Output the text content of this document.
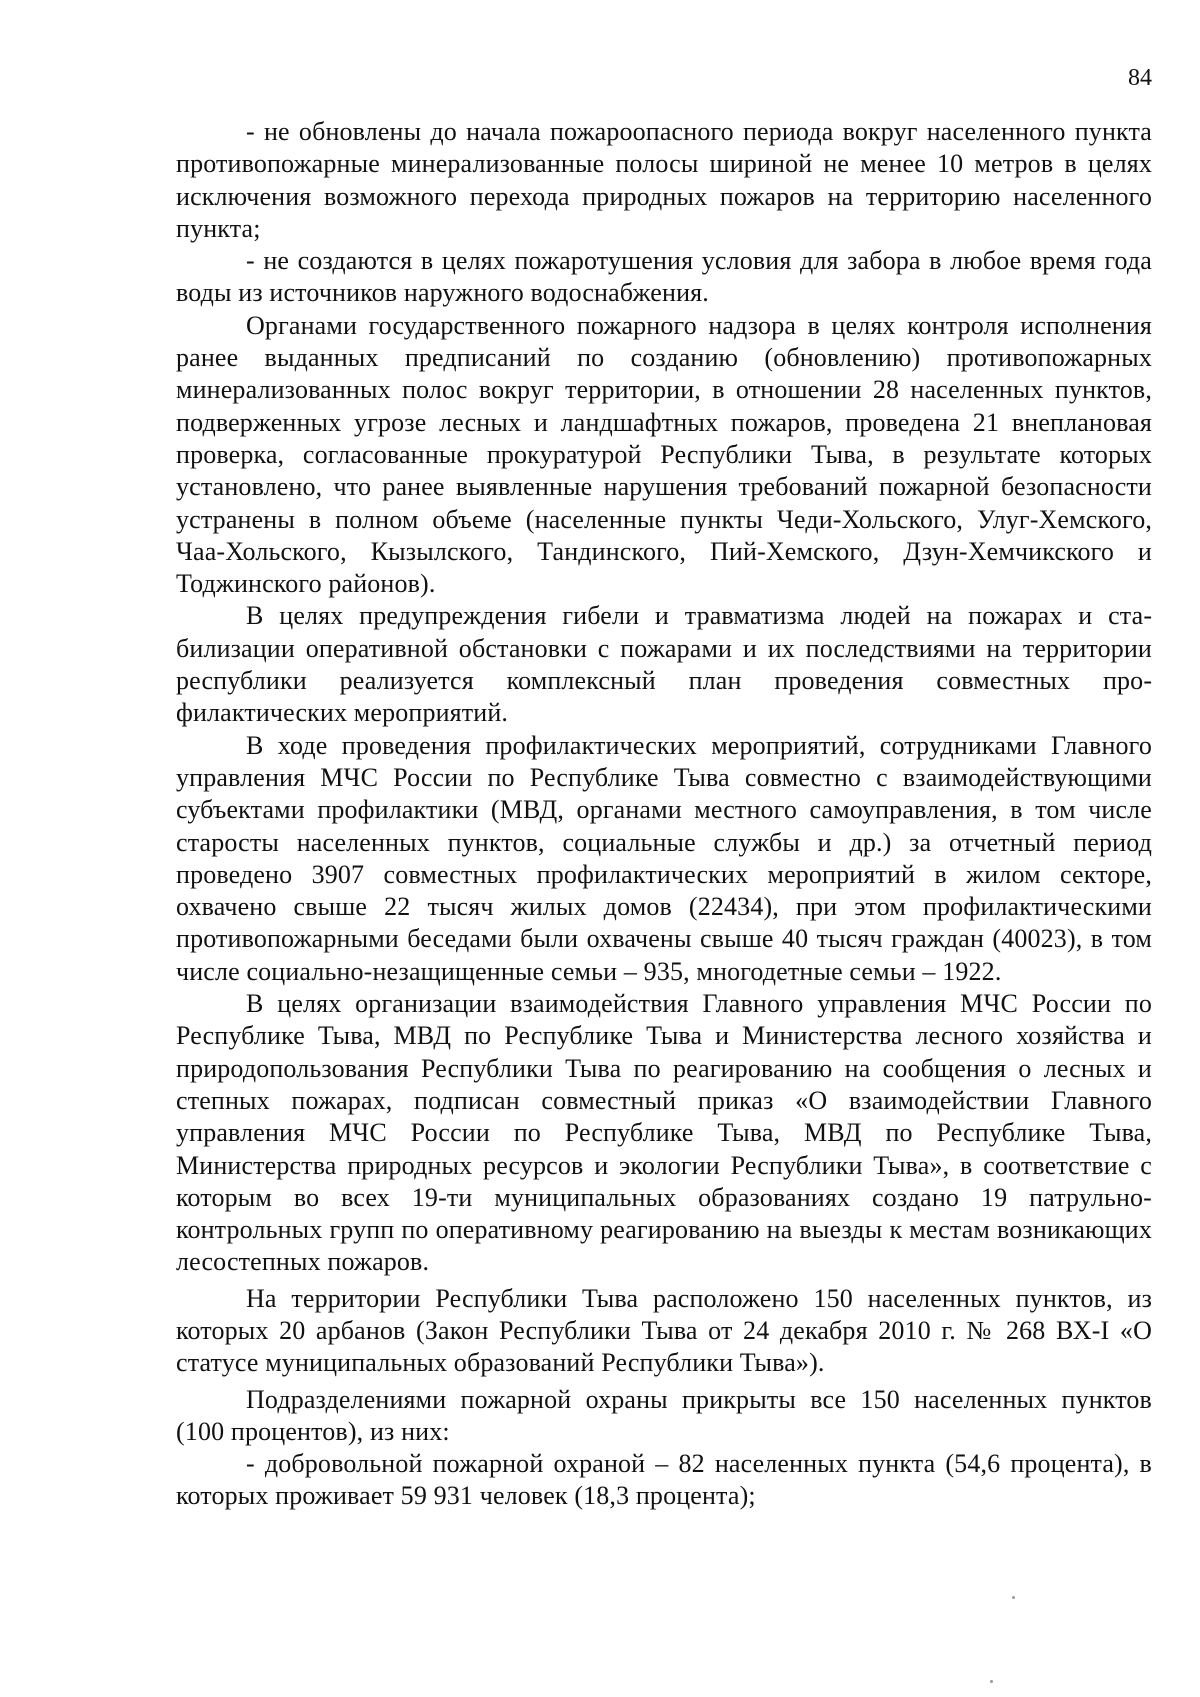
84

- не обновлены до начала пожароопасного периода вокруг населенного пункта противопожарные минерализованные полосы шириной не менее 10 метров в целях исключения возможного перехода природных пожаров на территорию населенного пункта;

- не создаются в целях пожаротушения условия для забора в любое время года воды из источников наружного водоснабжения.

Органами государственного пожарного надзора в целях контроля исполнения ранее выданных предписаний по созданию (обновлению) противопожарных минерализованных полос вокруг территории, в отношении 28 населенных пунктов, подверженных угрозе лесных и ландшафтных пожаров, проведена 21 внеплановая проверка, согласованные прокуратурой Республики Тыва, в результате которых установлено, что ранее выявленные нарушения требований пожарной безопасности устранены в полном объеме (населенные пункты Чеди-Хольского, Улуг-Хемского, Чаа-Хольского, Кызылского, Тандинского, Пий-Хемского, Дзун-Хемчикского и Тоджинского районов).

В целях предупреждения гибели и травматизма людей на пожарах и стабилизации оперативной обстановки с пожарами и их последствиями на территории республики реализуется комплексный план проведения совместных профилактических мероприятий.

В ходе проведения профилактических мероприятий, сотрудниками Главного управления МЧС России по Республике Тыва совместно с взаимодействующими субъектами профилактики (МВД, органами местного самоуправления, в том числе старосты населенных пунктов, социальные службы и др.) за отчетный период проведено 3907 совместных профилактических мероприятий в жилом секторе, охвачено свыше 22 тысяч жилых домов (22434), при этом профилактическими противопожарными беседами были охвачены свыше 40 тысяч граждан (40023), в том числе социально-незащищенные семьи – 935, многодетные семьи – 1922.

В целях организации взаимодействия Главного управления МЧС России по Республике Тыва, МВД по Республике Тыва и Министерства лесного хозяйства и природопользования Республики Тыва по реагированию на сообщения о лесных и степных пожарах, подписан совместный приказ «О взаимодействии Главного управления МЧС России по Республике Тыва, МВД по Республике Тыва, Министерства природных ресурсов и экологии Республики Тыва», в соответствие с которым во всех 19-ти муниципальных образованиях создано 19 патрульно-контрольных групп по оперативному реагированию на выезды к местам возникающих лесостепных пожаров.

На территории Республики Тыва расположено 150 населенных пунктов, из которых 20 арбанов (Закон Республики Тыва от 24 декабря 2010 г. № 268 ВХ-I «О статусе муниципальных образований Республики Тыва»).

Подразделениями пожарной охраны прикрыты все 150 населенных пунктов (100 процентов), из них:

- добровольной пожарной охраной – 82 населенных пункта (54,6 процента), в которых проживает 59 931 человек (18,3 процента);
